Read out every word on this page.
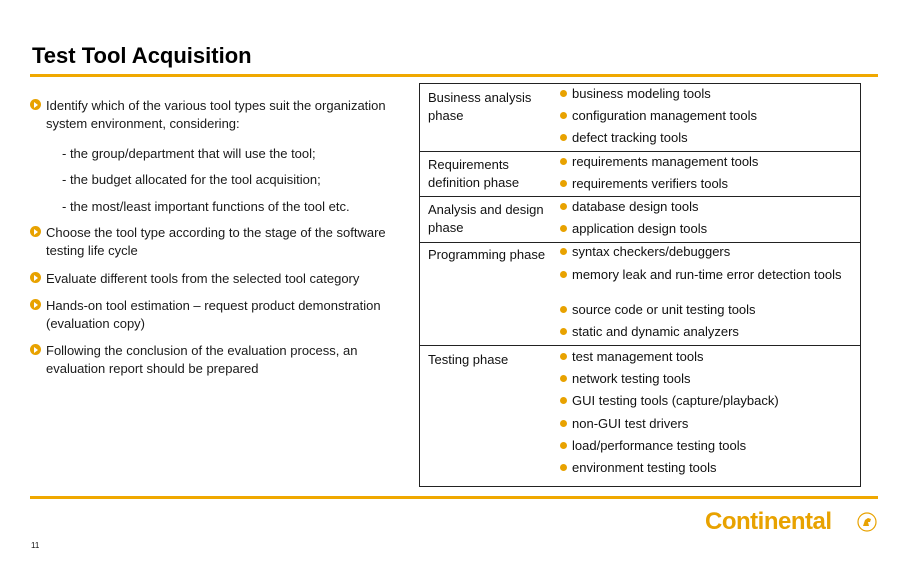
Test Tool Acquisition
Identify which of the various tool types suit the organization system environment, considering:
- the group/department that will use the tool;
- the budget allocated for the tool acquisition;
- the most/least important functions of the tool etc.
Choose the tool type according to the stage of the software testing life cycle
Evaluate different tools from the selected tool category
Hands-on tool estimation – request product demonstration (evaluation copy)
Following the conclusion of the evaluation process, an evaluation report should be prepared
Business analysis phase
business modeling tools
configuration management tools
defect tracking tools
Requirements definition phase
requirements management tools
requirements verifiers tools
Analysis and design phase
database design tools
application design tools
Programming phase	syntax checkers/debuggers
memory leak and run-time error detection tools
source code or unit testing tools
static and dynamic analyzers
Testing phase	test management tools
network testing tools
GUI testing tools (capture/playback)
non-GUI test drivers
load/performance testing tools
environment testing tools
11
Continental
